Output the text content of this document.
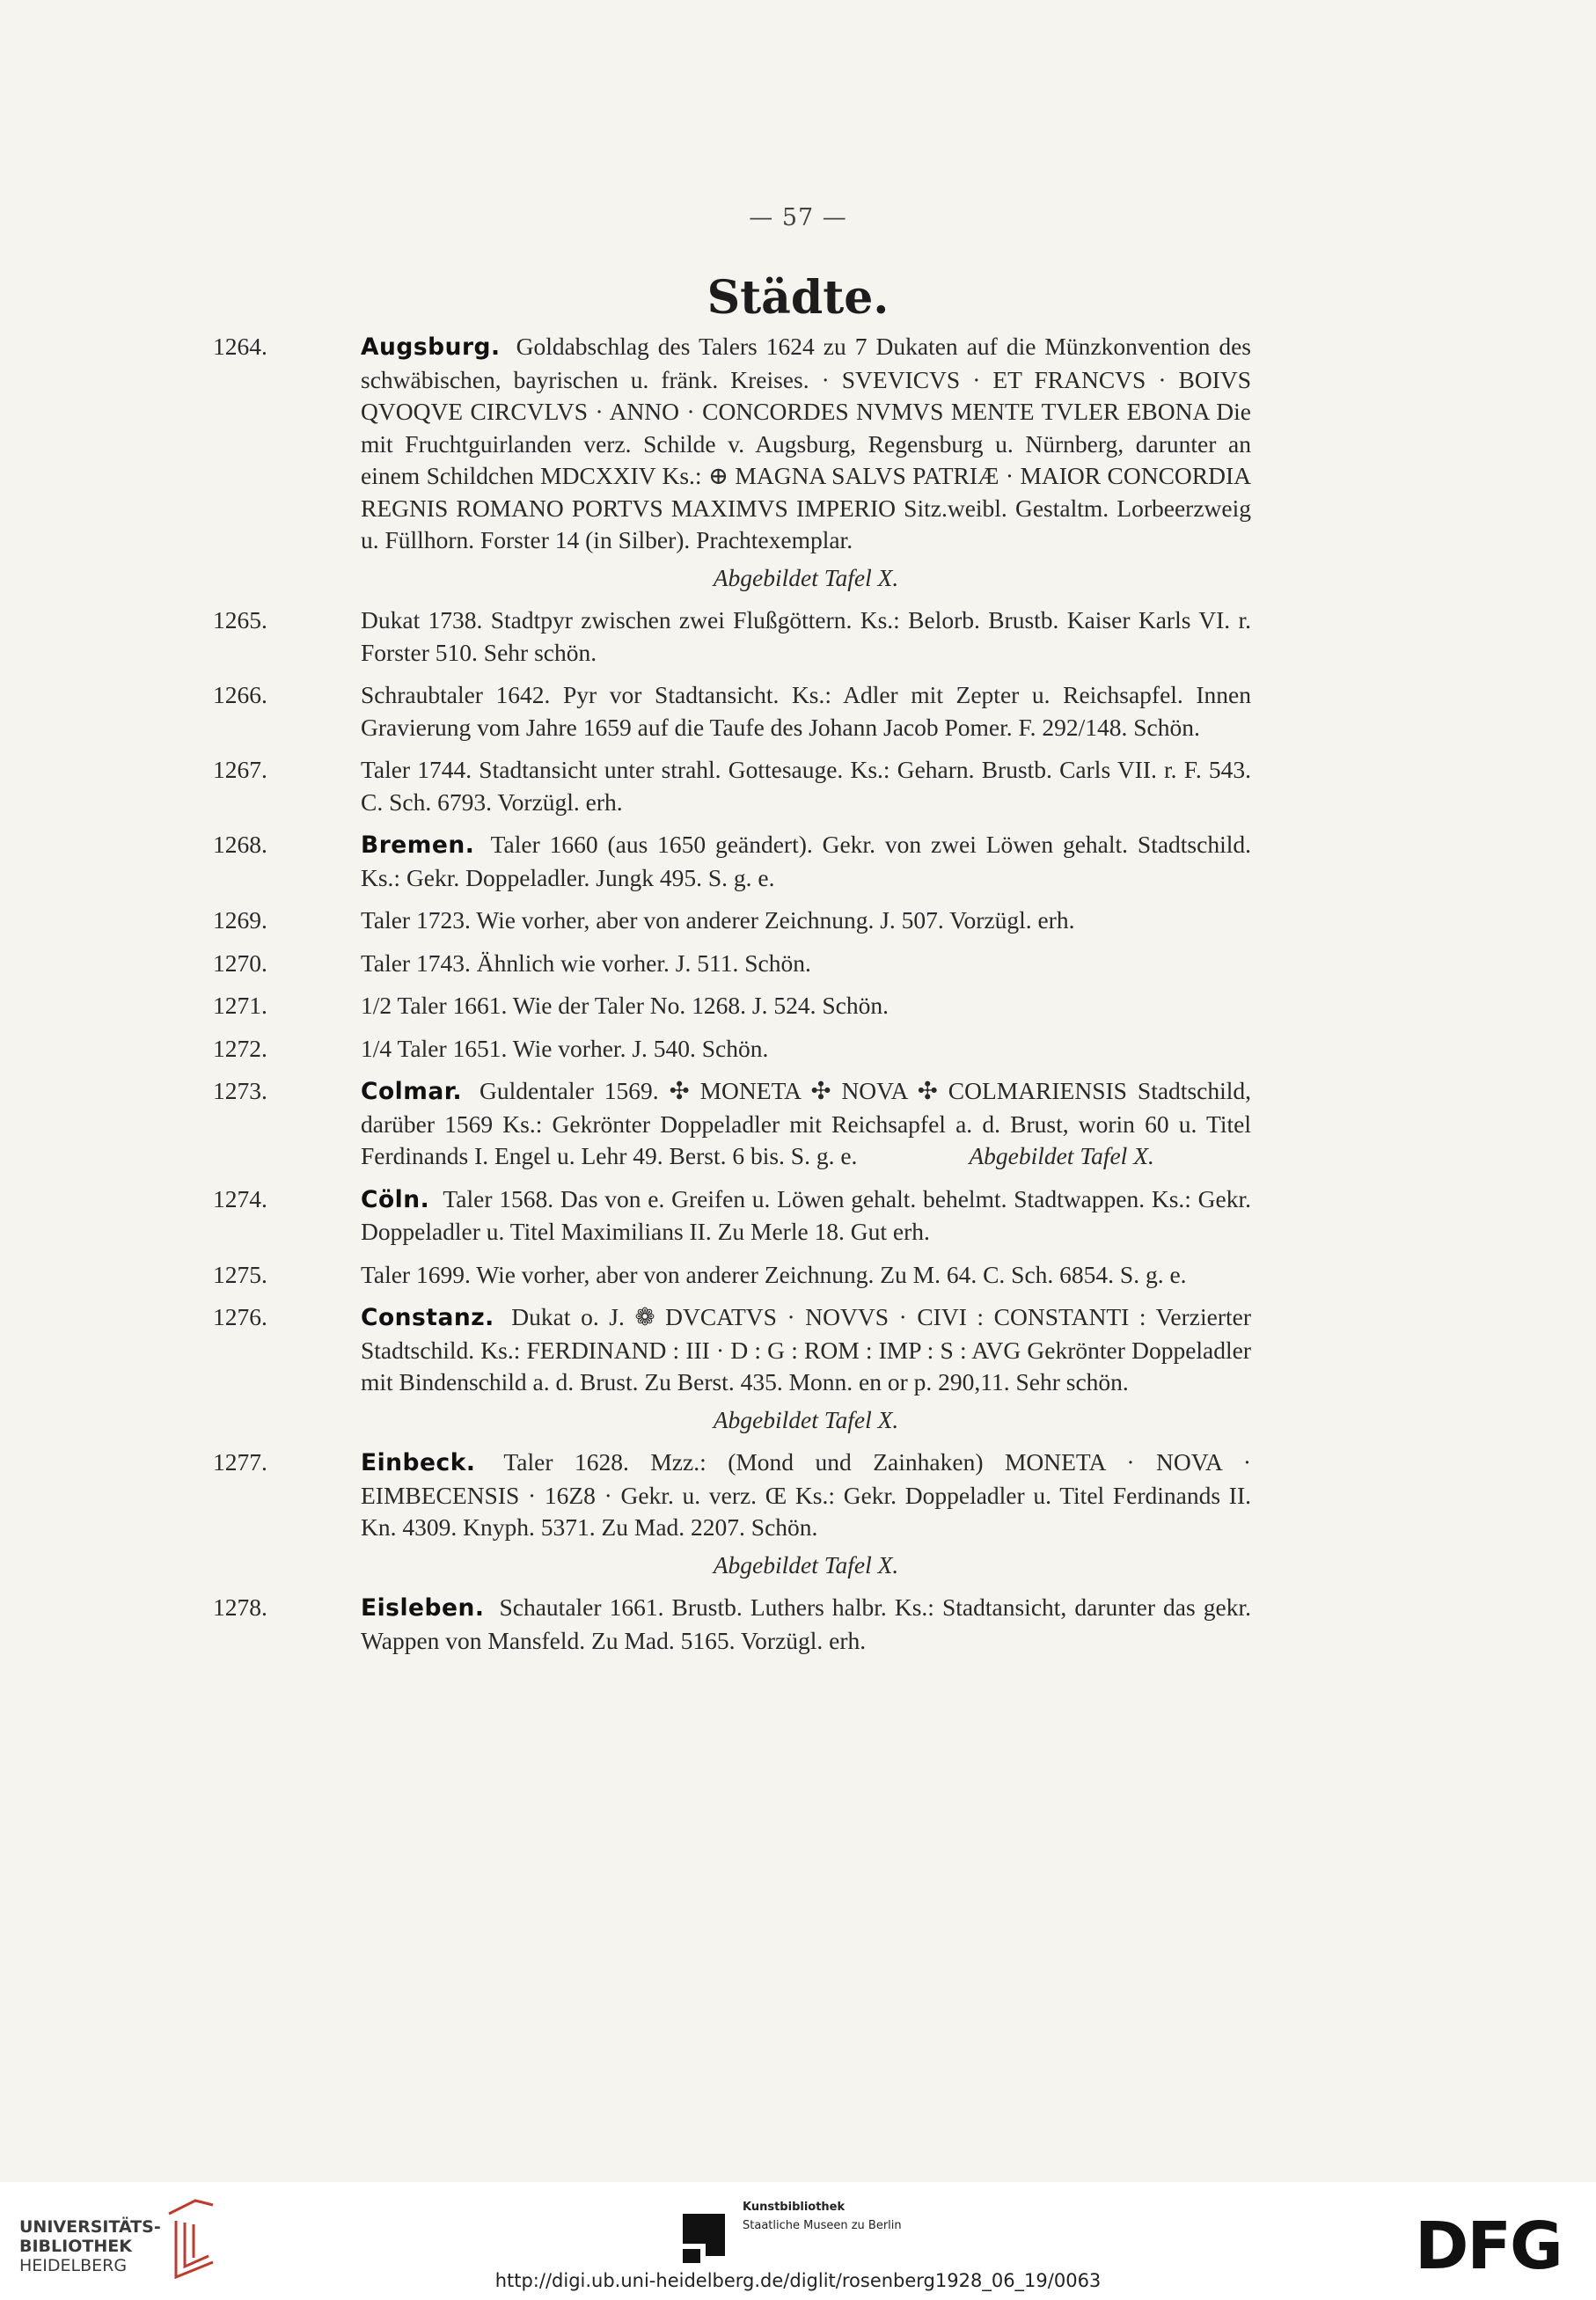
— 57 —
Städte.
1264.	Augsburg. Goldabschlag des Talers 1624 zu 7 Dukaten auf die Münzkonvention des schwäbischen, bayrischen u. fränk. Kreises. · SVEVICVS · ET FRANCVS · BOIVS QVOQVE CIRCVLVS · ANNO · CONCORDES NVMVS MENTE TVLER EBONA Die mit Fruchtguirlanden verz. Schilde v. Augsburg, Regensburg u. Nürnberg, darunter an einem Schildchen MDCXXIV Ks.: ⊕ MAGNA SALVS PATRIÆ · MAIOR CONCORDIA REGNIS ROMANO PORTVS MAXIMVS IMPERIO Sitz.weibl. Gestaltm. Lorbeerzweig u. Füllhorn. Forster 14 (in Silber). Prachtexemplar.
Abgebildet Tafel X.
1265.	Dukat 1738. Stadtpyr zwischen zwei Flußgöttern. Ks.: Belorb. Brustb. Kaiser Karls VI. r. Forster 510. Sehr schön.
1266.	Schraubtaler 1642. Pyr vor Stadtansicht. Ks.: Adler mit Zepter u. Reichsapfel. Innen Gravierung vom Jahre 1659 auf die Taufe des Johann Jacob Pomer. F. 292/148. Schön.
1267.	Taler 1744. Stadtansicht unter strahl. Gottesauge. Ks.: Geharn. Brustb. Carls VII. r. F. 543. C. Sch. 6793. Vorzügl. erh.
1268.	Bremen. Taler 1660 (aus 1650 geändert). Gekr. von zwei Löwen gehalt. Stadtschild. Ks.: Gekr. Doppeladler. Jungk 495. S. g. e.
1269.	Taler 1723. Wie vorher, aber von anderer Zeichnung. J. 507. Vorzügl. erh.
1270.	Taler 1743. Ähnlich wie vorher. J. 511. Schön.
1271.	1/2 Taler 1661. Wie der Taler No. 1268. J. 524. Schön.
1272.	1/4 Taler 1651. Wie vorher. J. 540. Schön.
1273.	Colmar. Guldentaler 1569. ✣ MONETA ✣ NOVA ✣ COLMARIENSIS Stadtschild, darüber 1569 Ks.: Gekrönter Doppeladler mit Reichsapfel a. d. Brust, worin 60 u. Titel Ferdinands I. Engel u. Lehr 49. Berst. 6 bis. S. g. e.	Abgebildet Tafel X.
1274.	Cöln. Taler 1568. Das von e. Greifen u. Löwen gehalt. behelmt. Stadtwappen. Ks.: Gekr. Doppeladler u. Titel Maximilians II. Zu Merle 18. Gut erh.
1275.	Taler 1699. Wie vorher, aber von anderer Zeichnung. Zu M. 64. C. Sch. 6854. S. g. e.
1276.	Constanz. Dukat o. J. ❁ DVCATVS · NOVVS · CIVI : CONSTANTI : Verzierter Stadtschild. Ks.: FERDINAND : III · D : G : ROM : IMP : S : AVG Gekrönter Doppeladler mit Bindenschild a. d. Brust. Zu Berst. 435. Monn. en or p. 290,11. Sehr schön.
Abgebildet Tafel X.
1277.	Einbeck. Taler 1628. Mzz.: (Mond und Zainhaken) MONETA · NOVA · EIMBECENSIS · 16Z8 · Gekr. u. verz. Œ Ks.: Gekr. Doppeladler u. Titel Ferdinands II. Kn. 4309. Knyph. 5371. Zu Mad. 2207. Schön.
Abgebildet Tafel X.
1278.	Eisleben. Schautaler 1661. Brustb. Luthers halbr. Ks.: Stadtansicht, darunter das gekr. Wappen von Mansfeld. Zu Mad. 5165. Vorzügl. erh.
UNIVERSITÄTS-
BIBLIOTHEK
HEIDELBERG
Kunstbibliothek
Staatliche Museen zu Berlin	DFG
http://digi.ub.uni-heidelberg.de/diglit/rosenberg1928_06_19/0063
